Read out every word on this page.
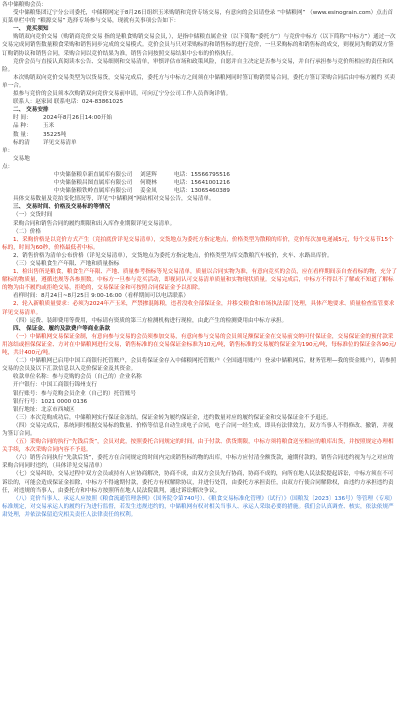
各中储粮购会员：
受中储粮集团辽宁分公司委托，中储粮网定于8月26日组织玉米购销和竞价专场交易，有意向的会员请登录 “中储粮网” （www.esinograin.com）点击首页菜单栏中的 “粮源交易” 选择专场参与交易，现就有关事项公告如下：
一、 竞买须知
购销双向竞价交易（购销商竞价交易 指的是粮食购销交易会员，），是指中储粮直属企业（以下简称“委托方”）与竞价中标方（以下简称“中标方”）通过一次交易完成同销售数量粮食采购和销售同步完成的交易模式。竞价会员与只对采购标的和销售标的进行竞价，一旦采购标的和销售标的成交，则视同为购销双方签订购销协议和销售合同，采购合同以竞价结果为准，销售合同按照交易结果中公布的价格执行。
竞价会员与直接认真阅读本公告、交易细则和交易清单，审慎评估市场和政策风险，自愿并自主决定是否参与交易，并自行承担参与竞价所相应的责任和风险。
本次购销双向竞价交易类型为以货易货，交易完成后，委托方与中标方之间须在中储粮网同时签订购销贸易合同，委托方签订采购合同后由中标方履约 买卖单一合。
拟参与竞价的会员须本次购销双向竞价交易前申请，可向辽宁分公司工作人员咨询详情。
联系人：赵家园 联系电话：024-83861025
二、 交易安排
时 间：	2024年8月26日14:00开始
品 种：	玉米
数 量：	35225吨
标的清单：
详见交易清单
交易地点：
中央储备粮阜新直属库有限公司	刘延辉	电话：15566795516
中央储备粮昌图直属库有限公司	何晓林	电话：15641001216
中央储备粮铁岭直属库有限公司	姜金凤	电话：13065460389
具体交易数量及竞拍变化情况等，详见“中储粮网”网站相对交易公告，交易清单。
三、 交易时间、价格及交易标的等情况
（一）交货时间
采购合同和销售合同的履约期限和出入库作业期限详见交易清单。
（二）价格
1、采购价格是以竞价方式产生（竞拍底价详见交易清单），交货地点为委托方指定地点，价格类型为散粮的库价，竞价每次加电递减5元，每个交易节15个标的，时间为60秒，价格最低者中标。
2、销售价格为清单公布价格（详见交易清单），交货地点为委托方指定地点，价格类型为库交散粮汽车板价，火车、水路出库价。
（三）交易粮食生产年限、产地和质量指标
1、检出售所是粮食，粮食生产年限、产地、质量参考指标等见交易清单，质量以合同实物为准，有意向竞买的会员，应在看样期间亲自查看标的物，充分了解标的物质量，遵循违规等各参照数。中标方一旦参与竞买活动，即视同认可交易清单质量和实物现状质量。交易完成后，中标方不得以不了解或不知道了解标的物为由不履约或拒绝交易，拒绝的，交易保证金和可按照合同保证金予以扣除。
看样时间：8月24日~8月25日 9:00-16:00（看样期间可以电话联系）
2、轮入新粮质量要求：必须为2024年产玉米，严禁掺混陈粮，违者没收全部保证金，并移交粮食和市场执法部门处理，具体产地要求、质量检查监管要求详见交易清单。
（四）运费、装卸费用等费用，中标请有资质的第三方检测机构进行现检，由此产生的检测费用由中标方承担。
四、 保证金、履约及款费户等商业条款
（一）中储粮网交易保证金制，有意向参与交易的会员须参加交易，有意向参与交易的会员须足额保证金在交易前交纳可付保证金，交易保证金的预付款采用冻结或担保保证金、方对在中储粮网进行交易，销售标准的在交易保证金标准为10元/吨，销售标准的交易履约保证金为190元/吨，每标准位的保证金各90元/吨，共计400元/吨。
（二）中储粮网已启用中国工商银行托管账户，会员将保证金存入中储粮网托管账户（全国通用账户）登录中储粮网后，财务管理—我的资金账户），请参照交易的会员及以下汇款信息以入竞价保证金及其资金。
收款单位名称：参与竞购的会员（自己的）企业名称
开户银行：中国工商银行锦州支行
银行账号：参与竞购会员企业（自己的）托管账号
银行行号：1021 0000 0136
银行地址：北京市西城区
（三）本次竞购成功后，中储粮网实行保证金冻结，保证金转为履约保证金，违约数量对应的履约保证金和交易保证金不予退还。
（四）交易完成后，系统同时根据交易标的数量、价格等信息自动生成电子合同，电子合同一经生成，即具有法律效力，双方当事人不得修改、撤销，并视为签订合同。
（五）采购合同的执行“先钱后货”，会员对此，按照委托合同规定的时间，由于付款、供货期限，中标方须将粮食送至相应的粮库出货，并按照规定办理相关手续，本次采购合同内容不予退。
（六）销售合同执行“先款后货”，委托方在合同规定的时间内完成销售标的物的出库，中标方应付清全额货款，逾期付款的，销售合同违约视为与之对应的采购合同同时违约，（具体详见交易清单）
（七）交易纠纷，交易过程中双方会员或持有人应协商解决，协商不成，由双方会员先行协商，协商不成的，向所在地人民法院提起诉讼，中标方须在不可诉讼的，可能会造成保证金扣除，中标方不得逾期付款，委托方有权解除协议，并进行处罚，由委托方承担责任，由双方行使合同解除权，由违约方承担违约责任，对违规的当事人，由委托方和中标方按照所在地人民法院裁判，通过诉讼解决争议。
（八）竞价当事人、承运人应按照《粮食流通管理条例》（国务院令第740号）、《粮食交易标准化管理》（试行）》（国粮发〔2023〕136号）等管理（专项）标准规定，对交易承运人的履约行为进行监督，若发生违规违约的，中储粮网有权对相关当事人、承运人采取必要的措施。我们会认真调查、核实，依法依规严肃处理，并依法保留追究相关责任人法律责任的权利。
